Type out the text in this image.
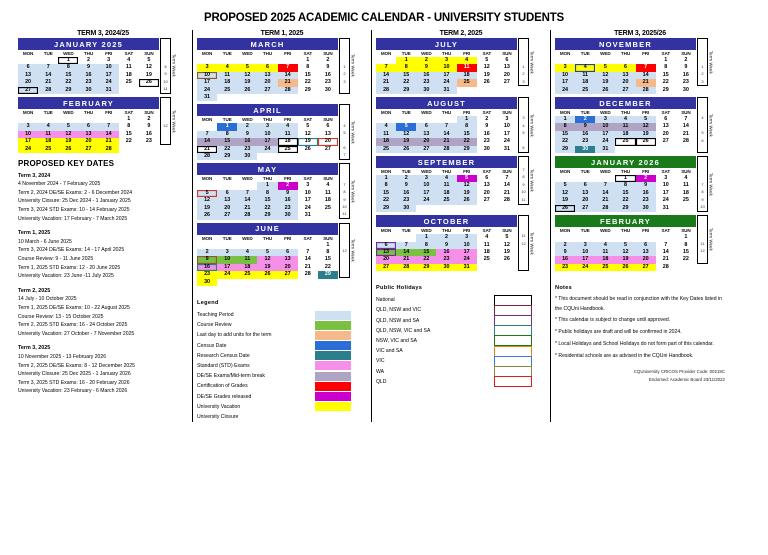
PROPOSED 2025 ACADEMIC CALENDAR - UNIVERSITY STUDENTS
TERM 3, 2024/25
JANUARY 2025
MON	TUE	WED	THU	FRI	SAT	SUN
		1	2	3	4	5
6	7	8	9	10	11	12
13	14	15	16	17	18	19
20	21	22	23	24	25	26
27	28	29	30	31		
8
9
10
11
Term Week
FEBRUARY
MON	TUE	WED	THU	FRI	SAT	SUN
					1	2
3	4	5	6	7	8	9
10	11	12	13	14	15	16
17	18	19	20	21	22	23
24	25	26	27	28		
12 Term Week
PROPOSED KEY DATES
Term 3, 2024
4 November 2024 - 7 February 2025
Term 2, 2024 DE/SE Exams: 2 - 6 December 2024
University Closure: 25 Dec 2024 - 1 January 2025
Term 3, 2024 STD Exams: 10 - 14 February 2025
University Vacation: 17 February - 7 March 2025
Term 1, 2025
10 March - 6 June 2025
Term 3, 2024 DE/SE Exams: 14 - 17 April 2025
Course Review: 9 - 11 June 2025
Term 1, 2025 STD Exams: 12 - 20 June 2025
University Vacation: 23 June -11 July 2025
Term 2, 2025
14 July - 10 October 2025
Term 1, 2025 DE/SE Exams: 10 - 22 August 2025
Course Review: 13 - 15 October 2025
Term 2, 2025 STD Exams: 16 - 24 October 2025
University Vacation: 27 October - 7 November 2025
Term 3, 2025
10 November 2025 - 13 February 2026
Term 2, 2025 DE/SE Exams: 8 - 12 December 2025
University Closure: 25 Dec 2025 - 1 January 2026
Term 3, 2025 STD Exams: 16 - 20 February 2026
University Vacation: 23 February - 6 March 2026
TERM 1, 2025
MARCH
MON	TUE	WED	THU	FRI	SAT	SUN
					1	2
3	4	5	6	7	8	9
10	11	12	13	14	15	16
17	18	19	20	21	22	23
24	25	26	27	28	29	30
31						
1
2
3
Term Week
APRIL
MON	TUE	WED	THU	FRI	SAT	SUN
	1	2	3	4	5	6
7	8	9	10	11	12	13
14	15	16	17	18	19	20
21	22	23	24	25	26	27
28	29	30				
4
5
6
7
Term Week
MAY
MON	TUE	WED	THU	FRI	SAT	SUN
			1	2	3	4
5	6	7	8	9	10	11
12	13	14	15	16	17	18
19	20	21	22	23	24	25
26	27	28	29	30	31	
7
8
9
10
11
Term Week
JUNE
MON	TUE	WED	THU	FRI	SAT	SUN
						1
2	3	4	5	6	7	8
9	10	11	12	13	14	15
16	17	18	19	20	21	22
23	24	25	26	27	28	29
30						
12 Term Week
Legend
Teaching Period
Course Review
Last day to add units for the term
Census Date
Research Census Date
Standard (STD) Exams
DE/SE Exams/Mid-term break
Certification of Grades
DE/SE Grades released
University Vacation
University Closure
TERM 2, 2025
JULY
MON	TUE	WED	THU	FRI	SAT	SUN
	1	2	3	4	5	6
7	8	9	10	11	12	13
14	15	16	17	18	19	20
21	22	23	24	25	26	27
28	29	30	31			
1
2
3
Term Week
AUGUST
MON	TUE	WED	THU	FRI	SAT	SUN
				1	2	3
4	5	6	7	8	9	10
11	12	13	14	15	16	17
18	19	20	21	22	23	24
25	26	27	28	29	30	31
3
4
5
6
Term Week
SEPTEMBER
MON	TUE	WED	THU	FRI	SAT	SUN
1	2	3	4	5	6	7
8	9	10	11	12	13	14
15	16	17	18	19	20	21
22	23	24	25	26	27	28
29	30					
7
8
9
10
11
Term Week
OCTOBER
MON	TUE	WED	THU	FRI	SAT	SUN
		1	2	3	4	5
6	7	8	9	10	11	12
13	14	15	16	17	18	19
20	21	22	23	24	25	26
27	28	29	30	31		
11
12 Term Week
Public Holidays
National
QLD, NSW and VIC
QLD, NSW and SA
QLD, NSW, VIC and SA
NSW, VIC and SA
VIC and SA
VIC
WA
QLD
TERM 3, 2025/26
NOVEMBER
MON	TUE	WED	THU	FRI	SAT	SUN
					1	2
3	4	5	6	7	8	9
10	11	12	13	14	15	16
17	18	19	20	21	22	23
24	25	26	27	28	29	30
1
2
3
Term Week
DECEMBER
MON	TUE	WED	THU	FRI	SAT	SUN
1	2	3	4	5	6	7
8	9	10	11	12	13	14
15	16	17	18	19	20	21
22	23	24	25	26	27	28
29	30	31				
4
5
6
Term Week
JANUARY 2026
MON	TUE	WED	THU	FRI	SAT	SUN
			1	2	3	4
5	6	7	8	9	10	11
12	13	14	15	16	17	18
19	20	21	22	23	24	25
26	27	28	29	30	31	
7
8
9
10
Term Week
FEBRUARY
MON	TUE	WED	THU	FRI	SAT	SUN
						1
2	3	4	5	6	7	8
9	10	11	12	13	14	15
16	17	18	19	20	21	22
23	24	25	26	27	28	
11
12 Term Week
Notes
* This document should be read in conjunction with the Key Dates listed in the CQUni Handbook.
* This calendar is subject to change until approved.
* Public holidays are draft and will be confirmed in 2024.
* Local Holidays and School Holidays do not form part of this calendar.
* Residential schools are as advised in the CQUni Handbook.
CQUniversity CRICOS Provider Code: 00219C
Endorsed: Academic Board 23/11/2022
